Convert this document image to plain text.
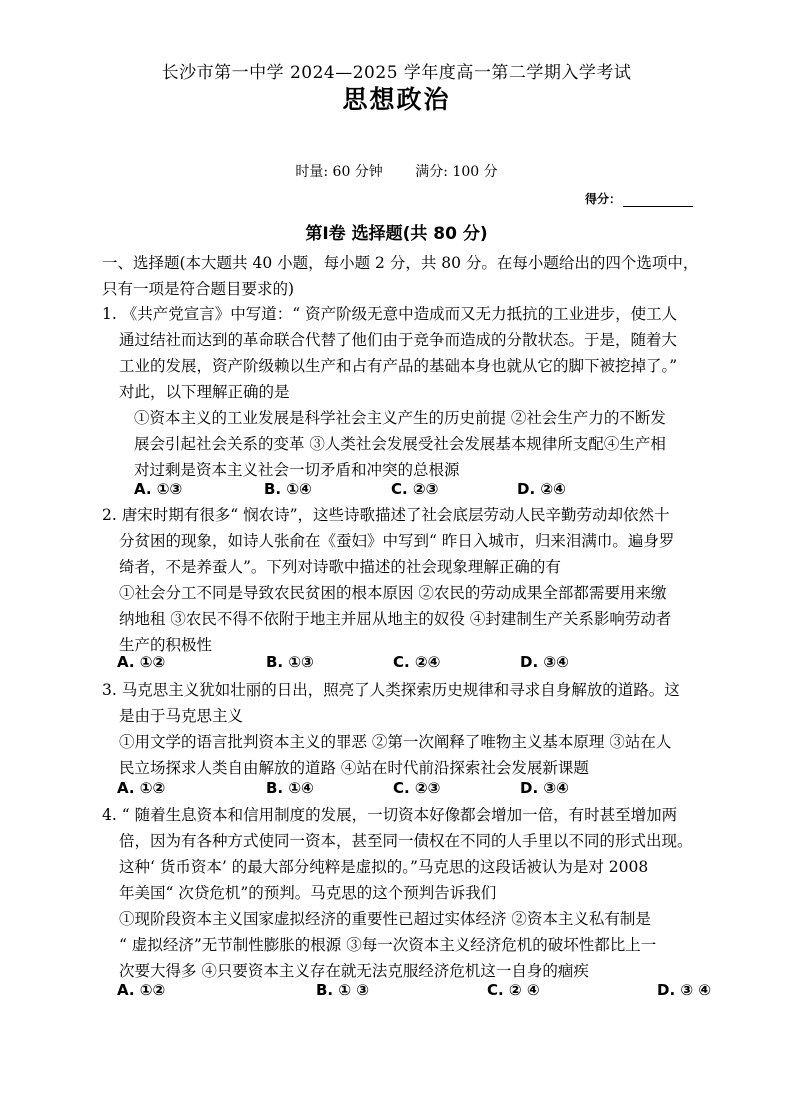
长沙市第一中学 2024—2025 学年度高一第二学期入学考试
思想政治
时量: 60 分钟 满分: 100 分
得分：
第Ⅰ卷 选择题(共 80 分)
一、选择题(本大题共 40 小题，每小题 2 分，共 80 分。在每小题给出的四个选项中，
只有一项是符合题目要求的)
1. 《共产党宣言》中写道：“ 资产阶级无意中造成而又无力抵抗的工业进步，使工人
通过结社而达到的革命联合代替了他们由于竞争而造成的分散状态。于是，随着大
工业的发展，资产阶级赖以生产和占有产品的基础本身也就从它的脚下被挖掉了。”
对此，以下理解正确的是
①资本主义的工业发展是科学社会主义产生的历史前提 ②社会生产力的不断发
展会引起社会关系的变革 ③人类社会发展受社会发展基本规律所支配④生产相
对过剩是资本主义社会一切矛盾和冲突的总根源
A. ①③	B. ①④	C. ②③	D. ②④
2. 唐宋时期有很多“ 悯农诗”，这些诗歌描述了社会底层劳动人民辛勤劳动却依然十
分贫困的现象，如诗人张俞在《蚕妇》中写到“ 昨日入城市，归来泪满巾。遍身罗
绮者，不是养蚕人”。下列对诗歌中描述的社会现象理解正确的有
①社会分工不同是导致农民贫困的根本原因 ②农民的劳动成果全部都需要用来缴
纳地租 ③农民不得不依附于地主并屈从地主的奴役 ④封建制生产关系影响劳动者
生产的积极性
A. ①②	B. ①③	C. ②④	D. ③④
3. 马克思主义犹如壮丽的日出，照亮了人类探索历史规律和寻求自身解放的道路。这
是由于马克思主义
①用文学的语言批判资本主义的罪恶 ②第一次阐释了唯物主义基本原理 ③站在人
民立场探求人类自由解放的道路 ④站在时代前沿探索社会发展新课题
A. ①②	B. ①④	C. ②③	D. ③④
4. “ 随着生息资本和信用制度的发展，一切资本好像都会增加一倍，有时甚至增加两
倍，因为有各种方式使同一资本，甚至同一债权在不同的人手里以不同的形式出现。
这种‘ 货币资本’ 的最大部分纯粹是虚拟的。”马克思的这段话被认为是对 2008
年美国“ 次贷危机”的预判。马克思的这个预判告诉我们
①现阶段资本主义国家虚拟经济的重要性已超过实体经济 ②资本主义私有制是
“ 虚拟经济”无节制性膨胀的根源 ③每一次资本主义经济危机的破坏性都比上一
次要大得多 ④只要资本主义存在就无法克服经济危机这一自身的痼疾
A. ①②	B. ① ③	C. ② ④	D. ③ ④
